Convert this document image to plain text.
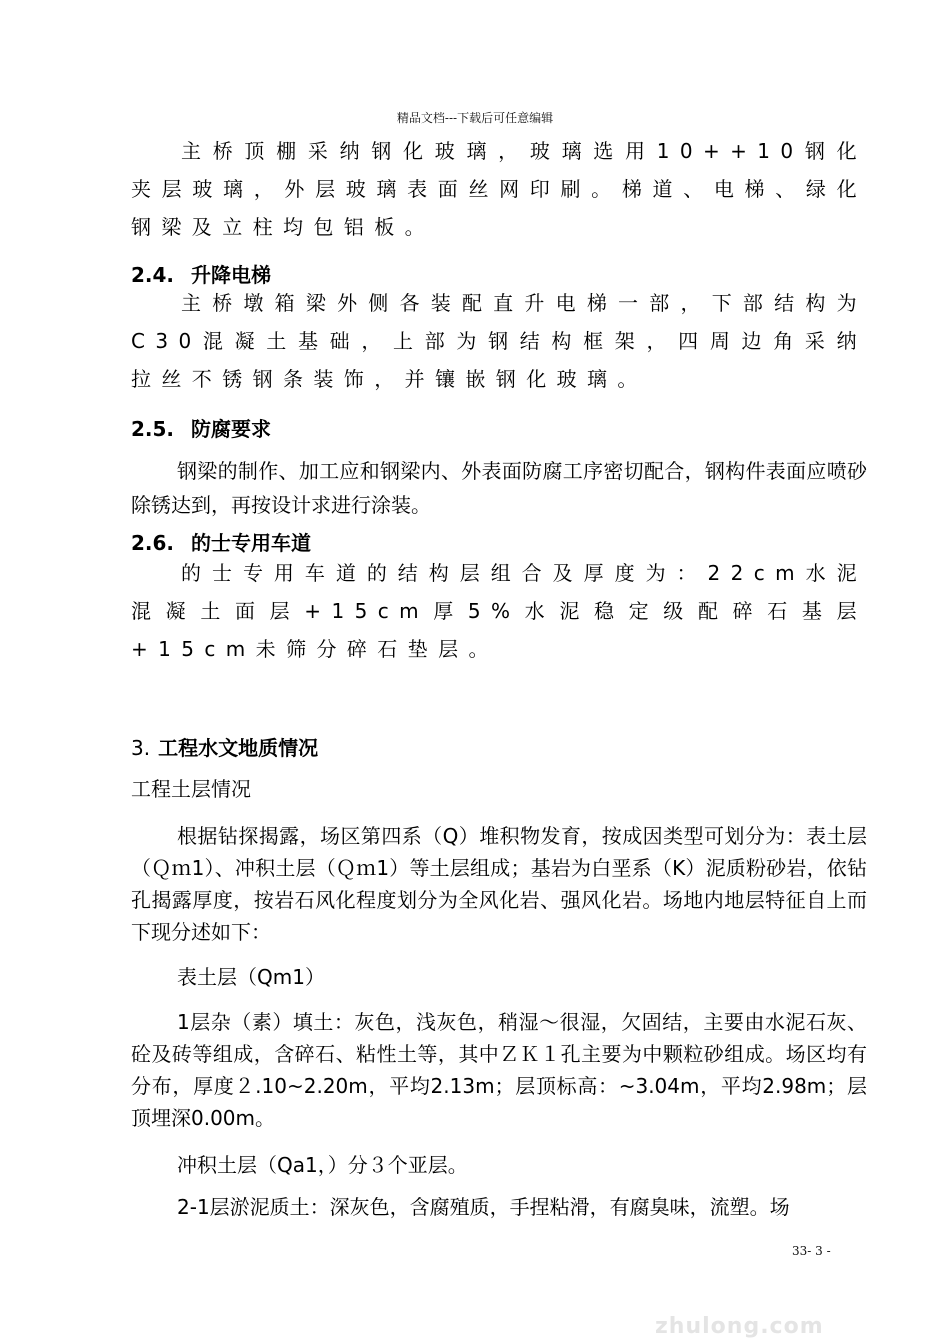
精品文档---下载后可任意编辑

主桥顶棚采纳钢化玻璃，玻璃选用10++10钢化夹层玻璃，外层玻璃表面丝网印刷。梯道、电梯、绿化钢梁及立柱均包铝板。

2.4. 升降电梯

主桥墩箱梁外侧各装配直升电梯一部，下部结构为C30混凝土基础，上部为钢结构框架，四周边角采纳拉丝不锈钢条装饰，并镶嵌钢化玻璃。

2.5. 防腐要求

钢梁的制作、加工应和钢梁内、外表面防腐工序密切配合，钢构件表面应喷砂除锈达到，再按设计求进行涂装。

2.6. 的士专用车道

的士专用车道的结构层组合及厚度为：22cm水泥混凝土面层+15cm厚5%水泥稳定级配碎石基层+15cm未筛分碎石垫层。

3. 工程水文地质情况

工程土层情况

根据钻探揭露，场区第四系（Q）堆积物发育，按成因类型可划分为：表土层（Ｑｍ1）、冲积土层（Ｑｍ1）等土层组成；基岩为白垩系（K）泥质粉砂岩，依钻孔揭露厚度，按岩石风化程度划分为全风化岩、强风化岩。场地内地层特征自上而下现分述如下：

表土层（Qm1）

1层杂（素）填土：灰色，浅灰色，稍湿～很湿，欠固结，主要由水泥石灰、砼及砖等组成，含碎石、粘性土等，其中ＺＫ１孔主要为中颗粒砂组成。场区均有分布，厚度２.10~2.20m，平均2.13m；层顶标高：~3.04m，平均2.98m；层顶埋深0.00m。

冲积土层（Qa1，）分３个亚层。

2-1层淤泥质土：深灰色，含腐殖质，手捏粘滑，有腐臭味，流塑。场

33- 3 -
zhulong.com
